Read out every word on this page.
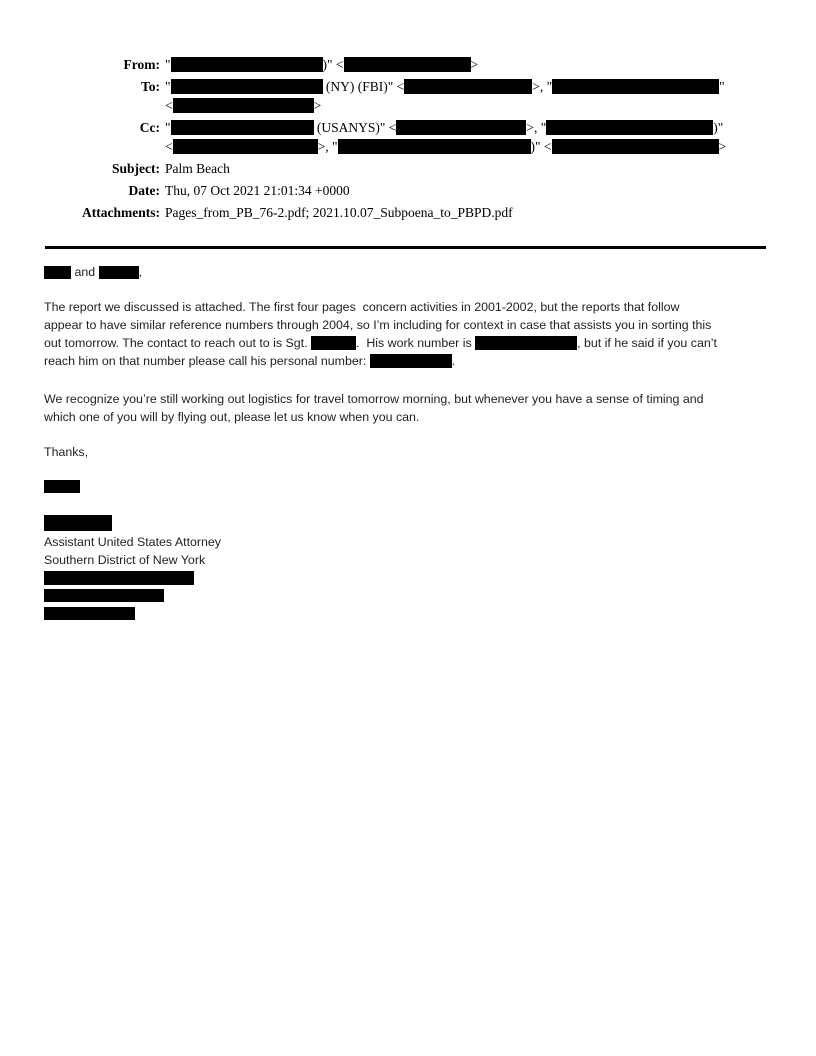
From: "	)" <	>
To: "	(NY) (FBI)" <	>, "	"
<	>
Cc: "	(USANYS)" <	>, "	)"
<	>, "	)" <	>
Subject: Palm Beach
Date: Thu, 07 Oct 2021 21:01:34 +0000
Attachments: Pages_from_PB_76-2.pdf; 2021.10.07_Subpoena_to_PBPD.pdf
and	,
The report we discussed is attached. The first four pages  concern activities in 2001-2002, but the reports that follow
appear to have similar reference numbers through 2004, so I’m including for context in case that assists you in sorting this
out tomorrow. The contact to reach out to is Sgt.	.  His work number is	, but if he said if you can’t
reach him on that number please call his personal number:	.
We recognize you’re still working out logistics for travel tomorrow morning, but whenever you have a sense of timing and
which one of you will by flying out, please let us know when you can.
Thanks,
Assistant United States Attorney
Southern District of New York
